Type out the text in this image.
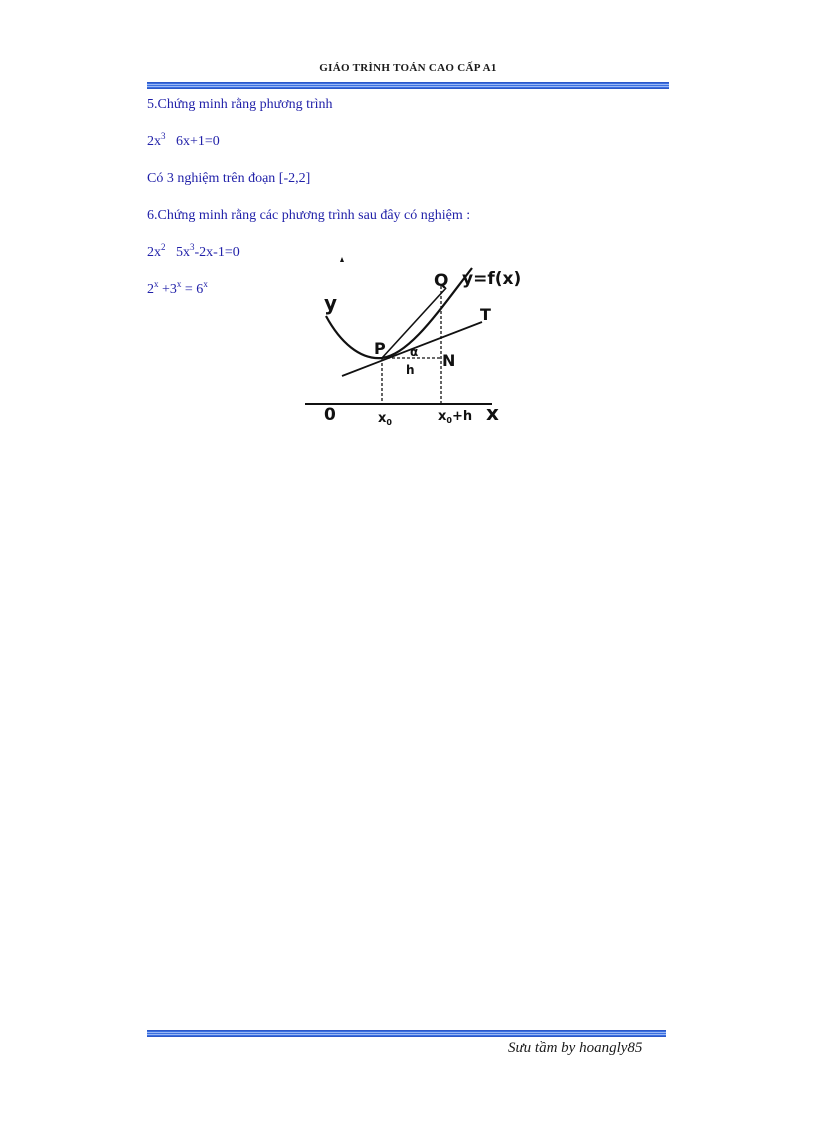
GIÁO TRÌNH TOÁN CAO CẤP A1
5.Chứng minh rằng phương trình
$2x^3$ 6x+1=0
Có 3 nghiệm trên đoạn [-2,2]
6.Chứng minh rằng các phương trình sau đây có nghiệm :
$2x^2$ $5x^3-2x-1=0$
$2^x +3^x = 6^x$
y
y=f(x)
Q
T
P α N
h
0	$x_0$	$x_0+h$ x
Sưu tầm by hoangly85
